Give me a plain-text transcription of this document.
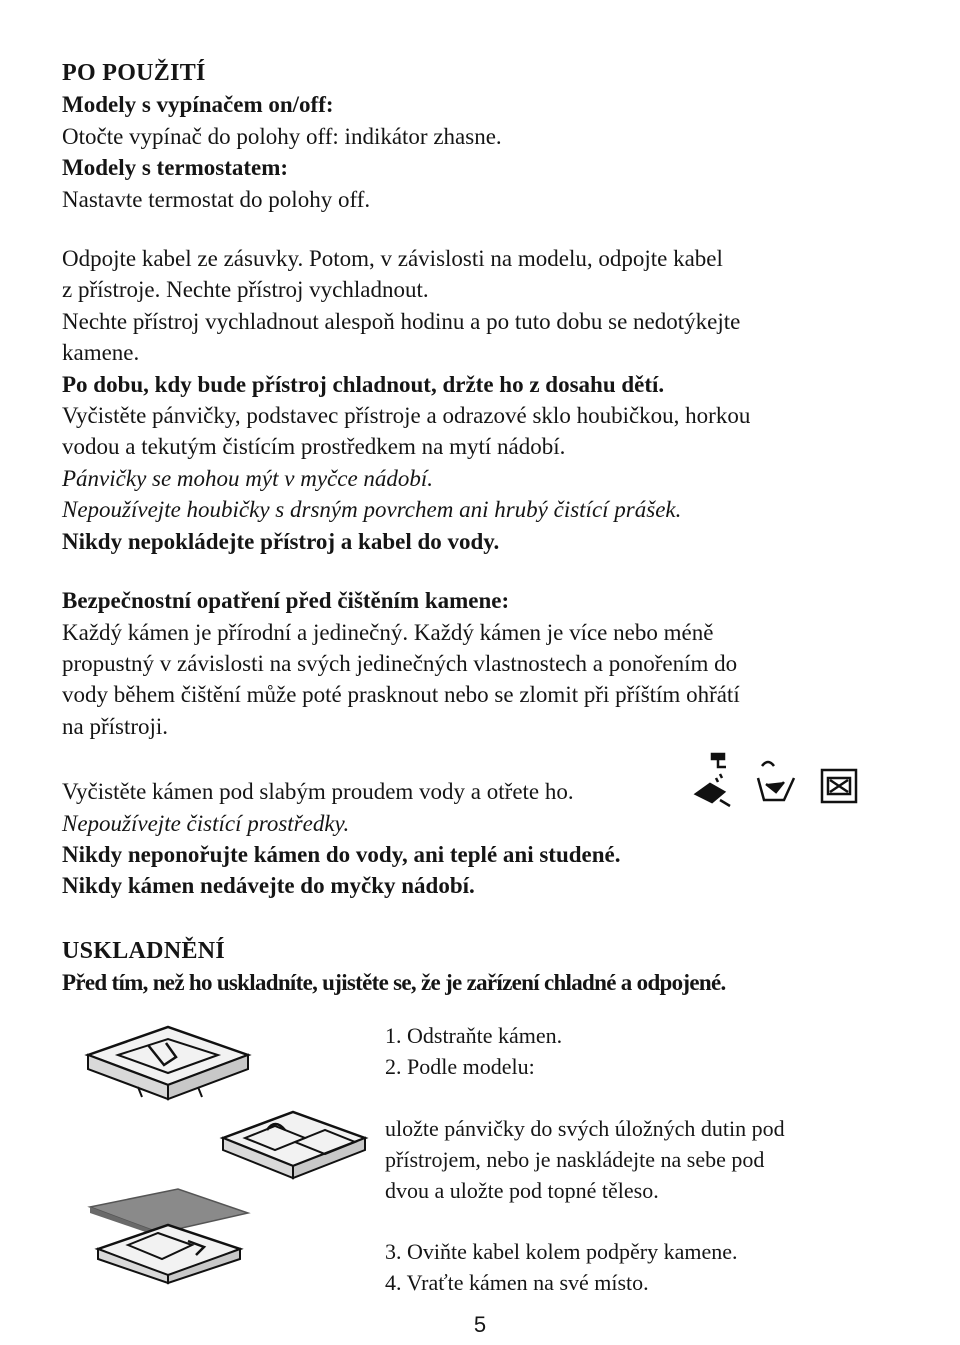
PO POUŽITÍ
Modely s vypínačem on/off:
Otočte vypínač do polohy off: indikátor zhasne.
Modely s termostatem:
Nastavte termostat do polohy off.
Odpojte kabel ze zásuvky. Potom, v závislosti na modelu, odpojte kabel
z přístroje. Nechte přístroj vychladnout.
Nechte přístroj vychladnout alespoň hodinu a po tuto dobu se nedotýkejte
kamene.
Po dobu, kdy bude přístroj chladnout, držte ho z dosahu dětí.
Vyčistěte pánvičky, podstavec přístroje a odrazové sklo houbičkou, horkou
vodou a tekutým čistícím prostředkem na mytí nádobí.
Pánvičky se mohou mýt v myčce nádobí.
Nepoužívejte houbičky s drsným povrchem ani hrubý čistící prášek.
Nikdy nepokládejte přístroj a kabel do vody.
Bezpečnostní opatření před čištěním kamene:
Každý kámen je přírodní a jedinečný. Každý kámen je více nebo méně
propustný v závislosti na svých jedinečných vlastnostech a ponořením do
vody během čištění může poté prasknout nebo se zlomit při příštím ohřátí
na přístroji.
Vyčistěte kámen pod slabým proudem vody a otřete ho.
Nepoužívejte čistící prostředky.
Nikdy neponořujte kámen do vody, ani teplé ani studené.
Nikdy kámen nedávejte do myčky nádobí.
USKLADNĚNÍ
Před tím, než ho uskladníte, ujistěte se, že je zařízení chladné a odpojené.
1. Odstraňte kámen.
2. Podle modelu:
uložte pánvičky do svých úložných dutin pod
přístrojem, nebo je naskládejte na sebe pod
dvou a uložte pod topné těleso.
3. Oviňte kabel kolem podpěry kamene.
4. Vraťte kámen na své místo.
5
